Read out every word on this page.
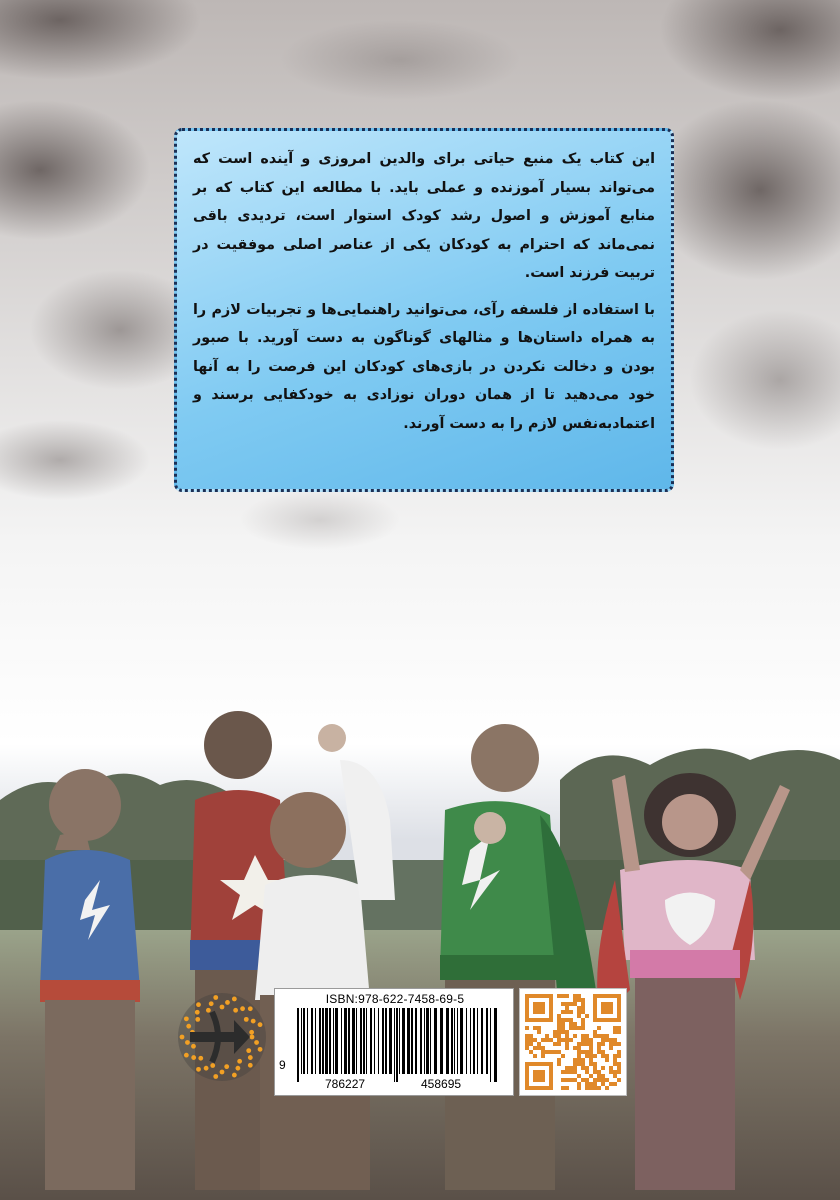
این کتاب یک منبع حیاتی برای والدین امروزی و آینده است که می‌تواند بسیار آموزنده و عملی باید. با مطالعه این کتاب که بر منابع آموزش و اصول رشد کودک استوار است، تردیدی باقی نمی‌ماند که احترام به کودکان یکی از عناصر اصلی موفقیت در تربیت فرزند است.

با استفاده از فلسفه رآی، می‌توانید راهنمایی‌ها و تجربیات لازم را به همراه داستان‌ها و مثالهای گوناگون به دست آورید. با صبور بودن و دخالت نکردن در بازی‌های کودکان این فرصت را به آنها خود می‌دهید تا از همان دوران نوزادی به خودکفایی برسند و اعتمادبه‌نفس لازم را به دست آورند.

ISBN:978-622-7458-69-5
9
786227	458695
